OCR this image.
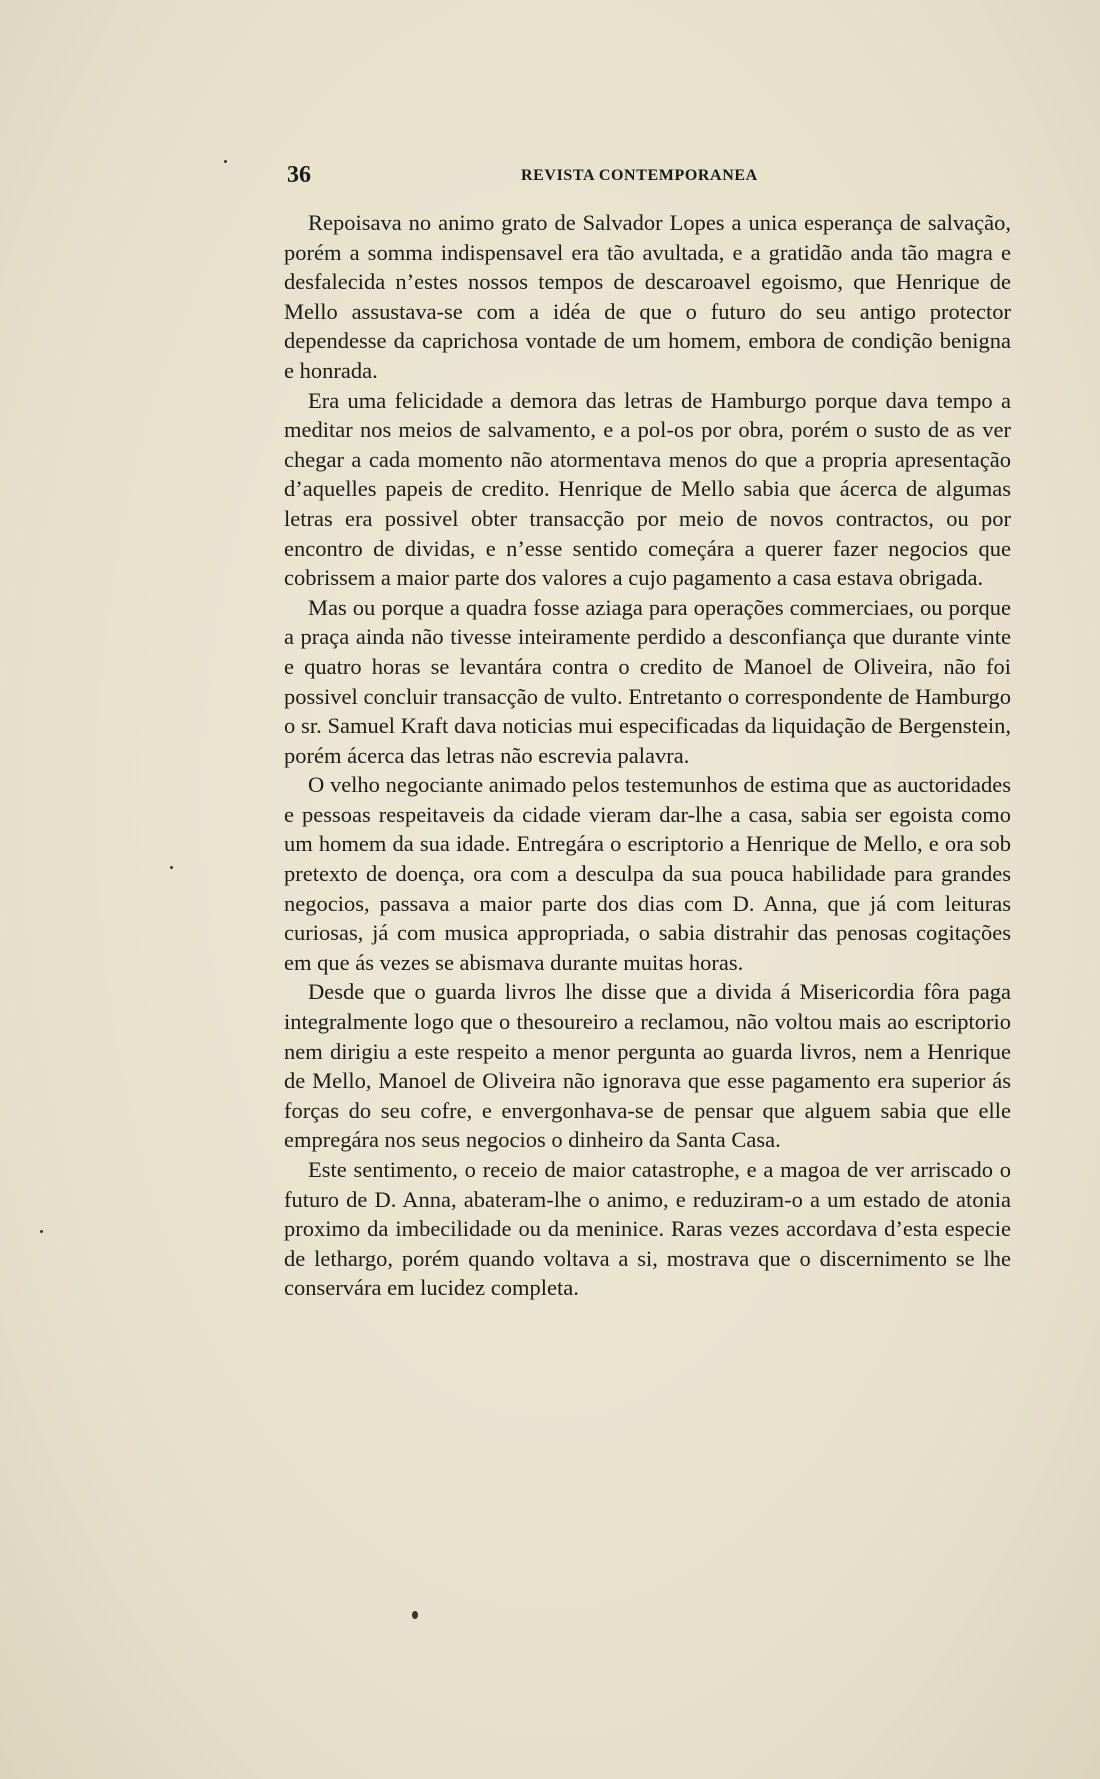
36	REVISTA CONTEMPORANEA

Repoisava no animo grato de Salvador Lopes a unica esperança de salvação, porém a somma indispensavel era tão avultada, e a gratidão anda tão magra e desfalecida n’estes nossos tempos de descaroavel egoismo, que Henrique de Mello assustava-se com a idéa de que o futuro do seu antigo protector dependesse da caprichosa vontade de um homem, embora de condição benigna e honrada.

Era uma felicidade a demora das letras de Hamburgo porque dava tempo a meditar nos meios de salvamento, e a pol-os por obra, porém o susto de as ver chegar a cada momento não atormentava menos do que a propria apresentação d’aquelles papeis de credito. Henrique de Mello sabia que ácerca de algumas letras era possivel obter transacção por meio de novos contractos, ou por encontro de dividas, e n’esse sentido começára a querer fazer negocios que cobrissem a maior parte dos valores a cujo pagamento a casa estava obrigada.

Mas ou porque a quadra fosse aziaga para operações commerciaes, ou porque a praça ainda não tivesse inteiramente perdido a desconfiança que durante vinte e quatro horas se levantára contra o credito de Manoel de Oliveira, não foi possivel concluir transacção de vulto. Entretanto o correspondente de Hamburgo o sr. Samuel Kraft dava noticias mui especificadas da liquidação de Bergenstein, porém ácerca das letras não escrevia palavra.

O velho negociante animado pelos testemunhos de estima que as auctoridades e pessoas respeitaveis da cidade vieram dar-lhe a casa, sabia ser egoista como um homem da sua idade. Entregára o escriptorio a Henrique de Mello, e ora sob pretexto de doença, ora com a desculpa da sua pouca habilidade para grandes negocios, passava a maior parte dos dias com D. Anna, que já com leituras curiosas, já com musica appropriada, o sabia distrahir das penosas cogitações em que ás vezes se abismava durante muitas horas.

Desde que o guarda livros lhe disse que a divida á Misericordia fôra paga integralmente logo que o thesoureiro a reclamou, não voltou mais ao escriptorio nem dirigiu a este respeito a menor pergunta ao guarda livros, nem a Henrique de Mello, Manoel de Oliveira não ignorava que esse pagamento era superior ás forças do seu cofre, e envergonhava-se de pensar que alguem sabia que elle empregára nos seus negocios o dinheiro da Santa Casa.

Este sentimento, o receio de maior catastrophe, e a magoa de ver arriscado o futuro de D. Anna, abateram-lhe o animo, e reduziram-o a um estado de atonia proximo da imbecilidade ou da meninice. Raras vezes accordava d’esta especie de lethargo, porém quando voltava a si, mostrava que o discernimento se lhe conservára em lucidez completa.
